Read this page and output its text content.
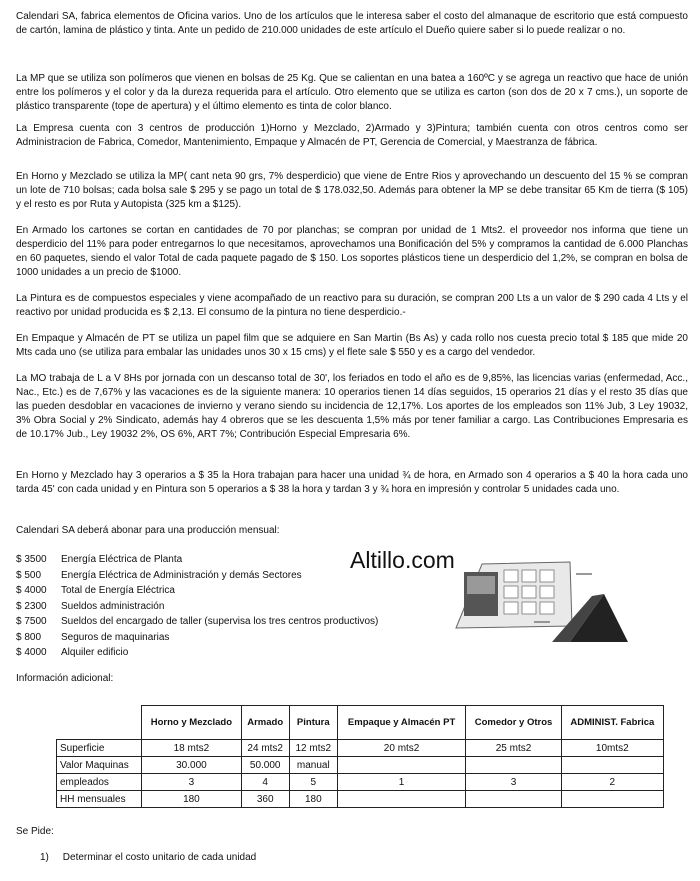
Calendari SA, fabrica elementos de Oficina varios. Uno de los artículos que le interesa saber el costo del almanaque de escritorio que está compuesto de cartón, lamina de plástico y tinta. Ante un pedido de 210.000 unidades de este artículo el Dueño quiere saber si lo puede realizar o no.

La MP que se utiliza son polímeros que vienen en bolsas de 25 Kg. Que se calientan en una batea a 160ºC y se agrega un reactivo que hace de unión entre los polímeros y el color y da la dureza requerida para el artículo. Otro elemento que se utiliza es carton (son dos de 20 x 7 cms.), un soporte de plástico transparente (tope de apertura) y el último elemento es tinta de color blanco.

La Empresa cuenta con 3 centros de producción 1)Horno y Mezclado, 2)Armado y 3)Pintura; también cuenta con otros centros como ser Administracion de Fabrica, Comedor, Mantenimiento, Empaque y Almacén de PT, Gerencia de Comercial, y Maestranza de fábrica.

En Horno y Mezclado se utiliza la MP( cant neta 90 grs, 7% desperdicio) que viene de Entre Rios y aprovechando un descuento del 15 % se compran un lote de 710 bolsas; cada bolsa sale $ 295 y se pago un total de $ 178.032,50. Además para obtener la MP se debe transitar 65 Km de tierra ($ 105) y el resto es por Ruta y Autopista (325 km a $125).

En Armado los cartones se cortan en cantidades de 70 por planchas; se compran por unidad de 1 Mts2. el proveedor nos informa que tiene un desperdicio del 11% para poder entregarnos lo que necesitamos, aprovechamos una Bonificación del 5% y compramos la cantidad de 6.000 Planchas en 60 paquetes, siendo el valor Total de cada paquete pagado de $ 150. Los soportes plásticos tiene un desperdicio del 1,2%, se compran en bolsa de 1000 unidades a un precio de $1000.

La Pintura es de compuestos especiales y viene acompañado de un reactivo para su duración, se compran 200 Lts a un valor de $ 290 cada 4 Lts y el reactivo por unidad producida es $ 2,13. El consumo de la pintura no tiene desperdicio.-

En Empaque y Almacén de PT se utiliza un papel film que se adquiere en San Martin (Bs As) y cada rollo nos cuesta precio total $ 185 que mide 20 Mts cada uno (se utiliza para embalar las unidades unos 30 x 15 cms) y el flete sale $ 550 y es a cargo del vendedor.

La MO trabaja de L a V 8Hs por jornada con un descanso total de 30', los feriados en todo el año es de 9,85%, las licencias varias (enfermedad, Acc., Nac., Etc.) es de 7,67% y las vacaciones es de la siguiente manera: 10 operarios tienen 14 días seguidos, 15 operarios 21 días y el resto 35 días que las pueden desdoblar en vacaciones de invierno y verano siendo su incidencia de 12,17%. Los aportes de los empleados son 11% Jub, 3 Ley 19032, 3% Obra Social y 2% Sindicato, además hay 4 obreros que se les descuenta 1,5% más por tener familiar a cargo. Las Contribuciones Empresaria es de 10.17% Jub., Ley 19032 2%, OS 6%, ART 7%; Contribución Especial Empresaria 6%.

En Horno y Mezclado hay 3 operarios a $ 35 la Hora trabajan para hacer una unidad ¾ de hora, en Armado son 4 operarios a $ 40 la hora cada uno tarda 45' con cada unidad y en Pintura son 5 operarios a $ 38 la hora y tardan 3 y ¾ hora en impresión y controlar 5 unidades cada uno.

Calendari SA deberá abonar para una producción mensual:

Altillo.com
$ 3500	Energía Eléctrica de Planta
$ 500	Energía Eléctrica de Administración y demás Sectores
$ 4000	Total de Energía Eléctrica
$ 2300	Sueldos administración
$ 7500	Sueldos del encargado de taller (supervisa los tres centros productivos)
$ 800	Seguros de maquinarias
$ 4000	Alquiler edificio
Información adicional:
	Horno y Mezclado	Armado	Pintura	Empaque y Almacén PT	Comedor y Otros	ADMINIST. Fabrica
Superficie	18 mts2	24 mts2	12 mts2	20 mts2	25 mts2	10mts2
Valor Maquinas	30.000	50.000	manual			
empleados	3	4	5	1	3	2
HH mensuales	180	360	180			
Se Pide:
1) Determinar el costo unitario de cada unidad
